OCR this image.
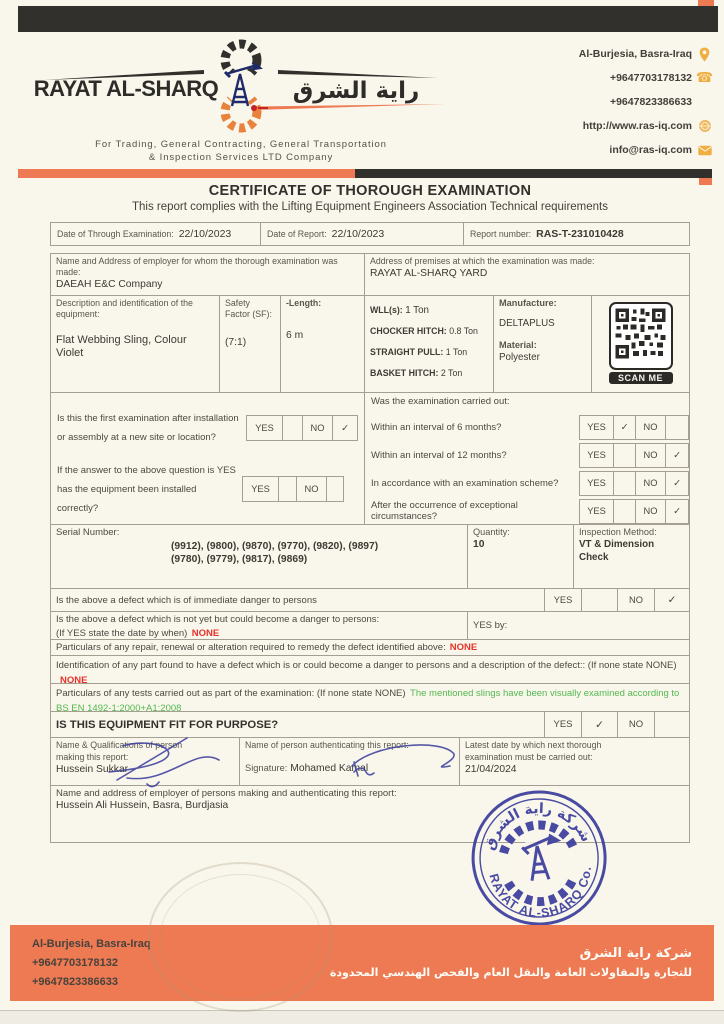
RAYAT AL-SHARQ	راية الشرق
For Trading, General Contracting, General Transportation
& Inspection Services LTD Company
Al-Burjesia, Basra-Iraq
+9647703178132 ☎
+9647823386633
http://www.ras-iq.com
info@ras-iq.com
CERTIFICATE OF THOROUGH EXAMINATION
This report complies with the Lifting Equipment Engineers Association Technical requirements
Date of Through Examination: 22/10/2023	Date of Report: 22/10/2023	Report number: RAS-T-231010428
Name and Address of employer for whom the thorough examination was made:
DAEAH E&C Company
Address of premises at which the examination was made:
RAYAT AL-SHARQ YARD
Description and identification of the equipment:
Flat Webbing Sling, Colour Violet
Safety Factor (SF):
(7:1)
-Length:
6 m
WLL(s): 1 Ton
CHOCKER HITCH: 0.8 Ton
STRAIGHT PULL: 1 Ton
BASKET HITCH: 2 Ton
Manufacture:
DELTAPLUS
Material:
Polyester
SCAN ME
Is this the first examination after installation or assembly at a new site or location?
YES	NO	✓
If the answer to the above question is YES has the equipment been installed correctly?
YES	NO
Was the examination carried out:
Within an interval of 6 months?	YES	✓	NO
Within an interval of 12 months?	YES	NO	✓
In accordance with an examination scheme?	YES	NO	✓
After the occurrence of exceptional circumstances?	YES	NO	✓
Serial Number:
(9912), (9800), (9870), (9770), (9820), (9897)
(9780), (9779), (9817), (9869)
Quantity:
10
Inspection Method:
VT & Dimension Check
Is the above a defect which is of immediate danger to persons	YES	NO	✓
Is the above a defect which is not yet but could become a danger to persons:
(If YES state the date by when) NONE
YES by:
Particulars of any repair, renewal or alteration required to remedy the defect identified above: NONE
Identification of any part found to have a defect which is or could become a danger to persons and a description of the defect:: (If none state NONE) NONE
Particulars of any tests carried out as part of the examination: (If none state NONE) The mentioned slings have been visually examined according to BS EN 1492-1:2000+A1:2008
IS THIS EQUIPMENT FIT FOR PURPOSE?	YES	✓	NO
Name & Qualifications of person making this report:
Hussein Sukkar
Name of person authenticating this report:
Signature: Mohamed Kamal
Latest date by which next thorough examination must be carried out:
21/04/2024
Name and address of employer of persons making and authenticating this report:
Hussein Ali Hussein, Basra, Burdjasia
شركة راية الشرق
RAYAT AL-SHARQ Co.
Al-Burjesia, Basra-Iraq
+9647703178132
+9647823386633
شركة راية الشرق
للتجارة والمقاولات العامة والنقل العام والفحص الهندسي المحدودة
